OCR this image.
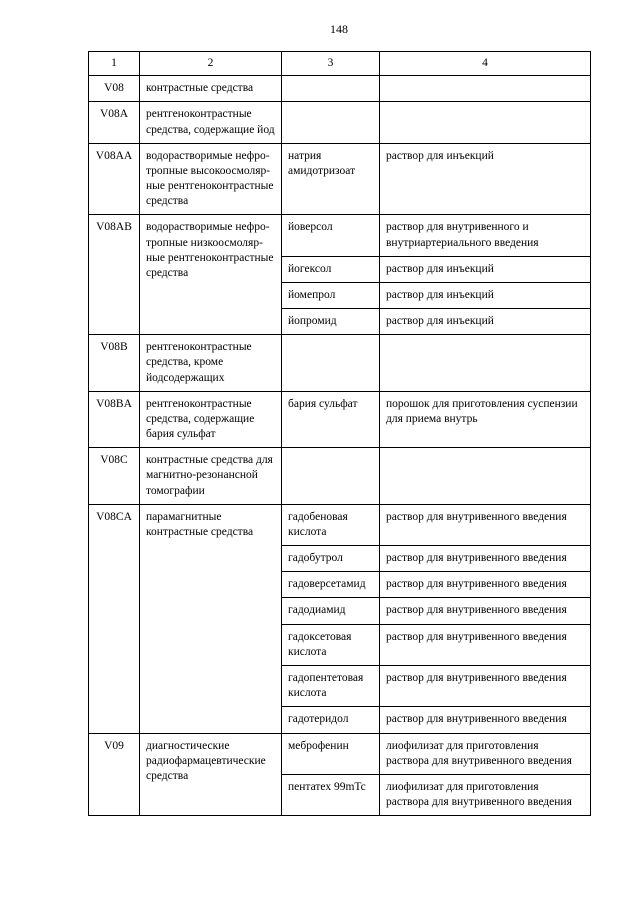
148
1	2	3	4
V08	контрастные средства		
V08A	рентгеноконтрастные средства, содержащие йод		
V08AA	водорастворимые нефро-тропные высокоосмоляр-ные рентгеноконтрастные средства	натрия амидотризоат	раствор для инъекций
V08AB	водорастворимые нефро-тропные низкоосмоляр-ные рентгеноконтрастные средства	йоверсол	раствор для внутривенного и внутриартериального введения
		йогексол	раствор для инъекций
		йомепрол	раствор для инъекций
		йопромид	раствор для инъекций
V08B	рентгеноконтрастные средства, кроме йодсодержащих		
V08BA	рентгеноконтрастные средства, содержащие бария сульфат	бария сульфат	порошок для приготовления суспензии для приема внутрь
V08C	контрастные средства для магнитно-резонансной томографии		
V08CA	парамагнитные контрастные средства	гадобеновая кислота	раствор для внутривенного введения
		гадобутрол	раствор для внутривенного введения
		гадоверсетамид	раствор для внутривенного введения
		гадодиамид	раствор для внутривенного введения
		гадоксетовая кислота	раствор для внутривенного введения
		гадопентетовая кислота	раствор для внутривенного введения
		гадотеридол	раствор для внутривенного введения
V09	диагностические радиофармацевтические средства	меброфенин	лиофилизат для приготовления раствора для внутривенного введения
		пентатех 99mTc	лиофилизат для приготовления раствора для внутривенного введения
